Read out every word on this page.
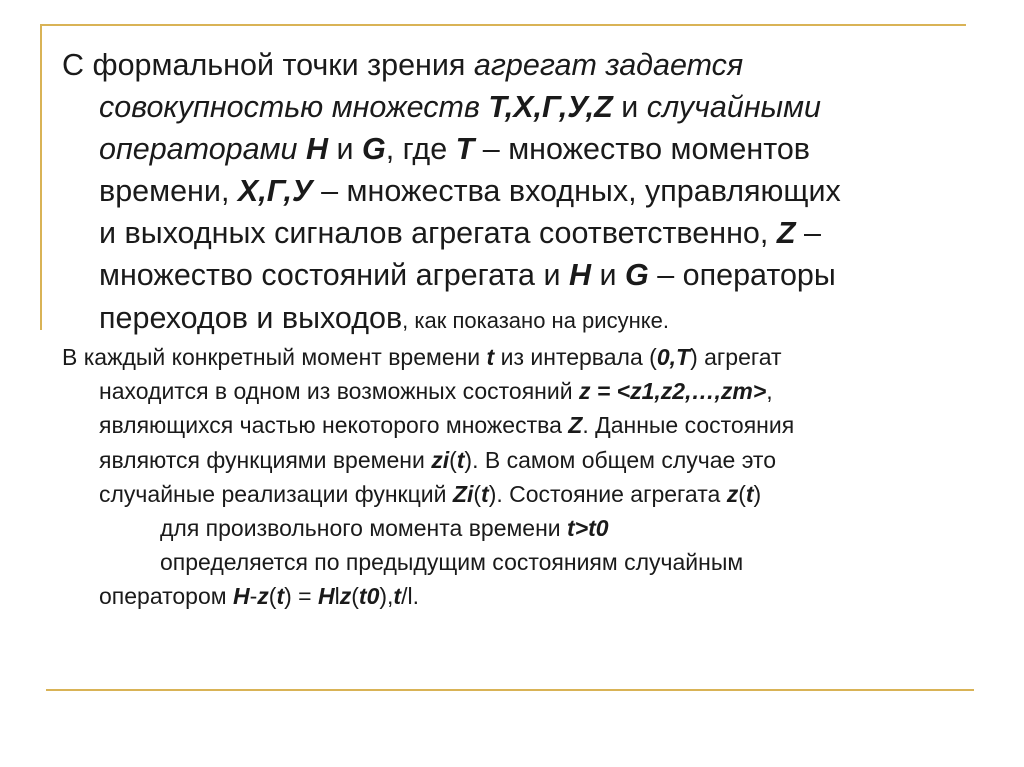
С формальной точки зрения агрегат задается
совокупностью множеств T,X,Г,У,Z и случайными
операторами H и G, где T – множество моментов
времени, X,Г,У – множества входных, управляющих
и выходных сигналов агрегата соответственно, Z –
множество состояний агрегата и H и G – операторы
переходов и выходов, как показано на рисунке.
В каждый конкретный момент времени t из интервала (0,T) агрегат
находится в одном из возможных состояний z = <z1,z2,…,zm>,
являющихся частью некоторого множества Z. Данные состояния
являются функциями времени zi(t). В самом общем случае это
случайные реализации функций Zi(t). Состояние агрегата z(t)
для произвольного момента времени t>t0
определяется по предыдущим состояниям случайным
оператором H-z(t) = Hlz(t0),t/l.
